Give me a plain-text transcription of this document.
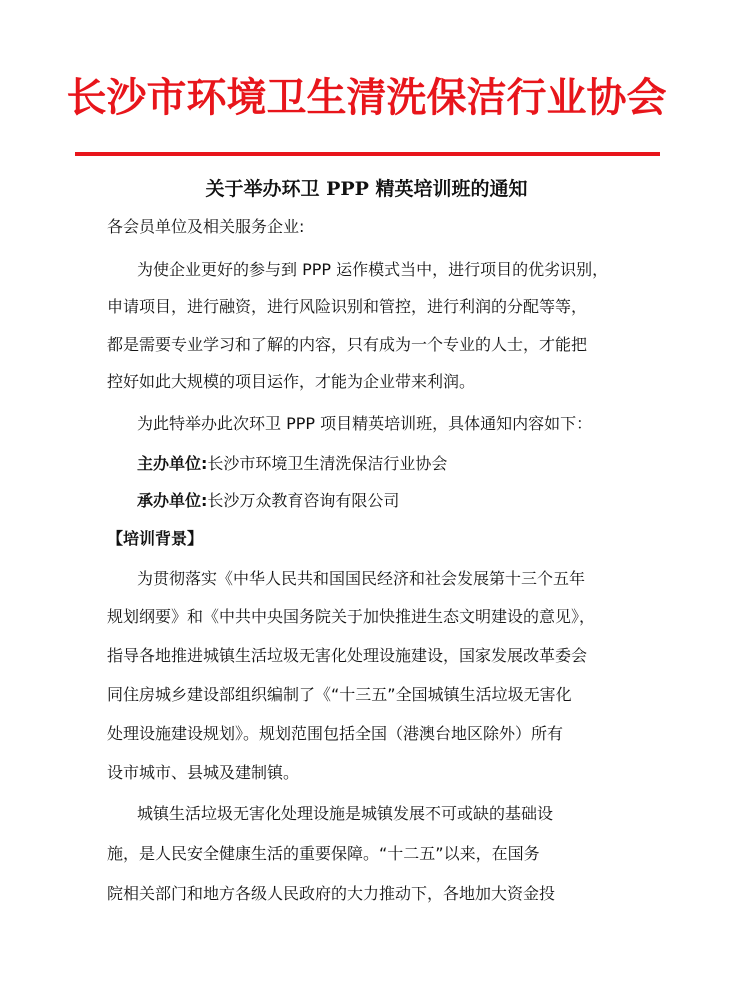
长沙市环境卫生清洗保洁行业协会
关于举办环卫 PPP 精英培训班的通知
各会员单位及相关服务企业:
为使企业更好的参与到 PPP 运作模式当中，进行项目的优劣识别，
申请项目，进行融资，进行风险识别和管控，进行利润的分配等等，
都是需要专业学习和了解的内容，只有成为一个专业的人士，才能把
控好如此大规模的项目运作，才能为企业带来利润。
为此特举办此次环卫 PPP 项目精英培训班，具体通知内容如下：
主办单位:长沙市环境卫生清洗保洁行业协会
承办单位:长沙万众教育咨询有限公司
【培训背景】
为贯彻落实《中华人民共和国国民经济和社会发展第十三个五年
规划纲要》和《中共中央国务院关于加快推进生态文明建设的意见》，
指导各地推进城镇生活垃圾无害化处理设施建设，国家发展改革委会
同住房城乡建设部组织编制了《“十三五”全国城镇生活垃圾无害化
处理设施建设规划》。规划范围包括全国（港澳台地区除外）所有
设市城市、县城及建制镇。
城镇生活垃圾无害化处理设施是城镇发展不可或缺的基础设
施，是人民安全健康生活的重要保障。“十二五”以来，在国务
院相关部门和地方各级人民政府的大力推动下，各地加大资金投
